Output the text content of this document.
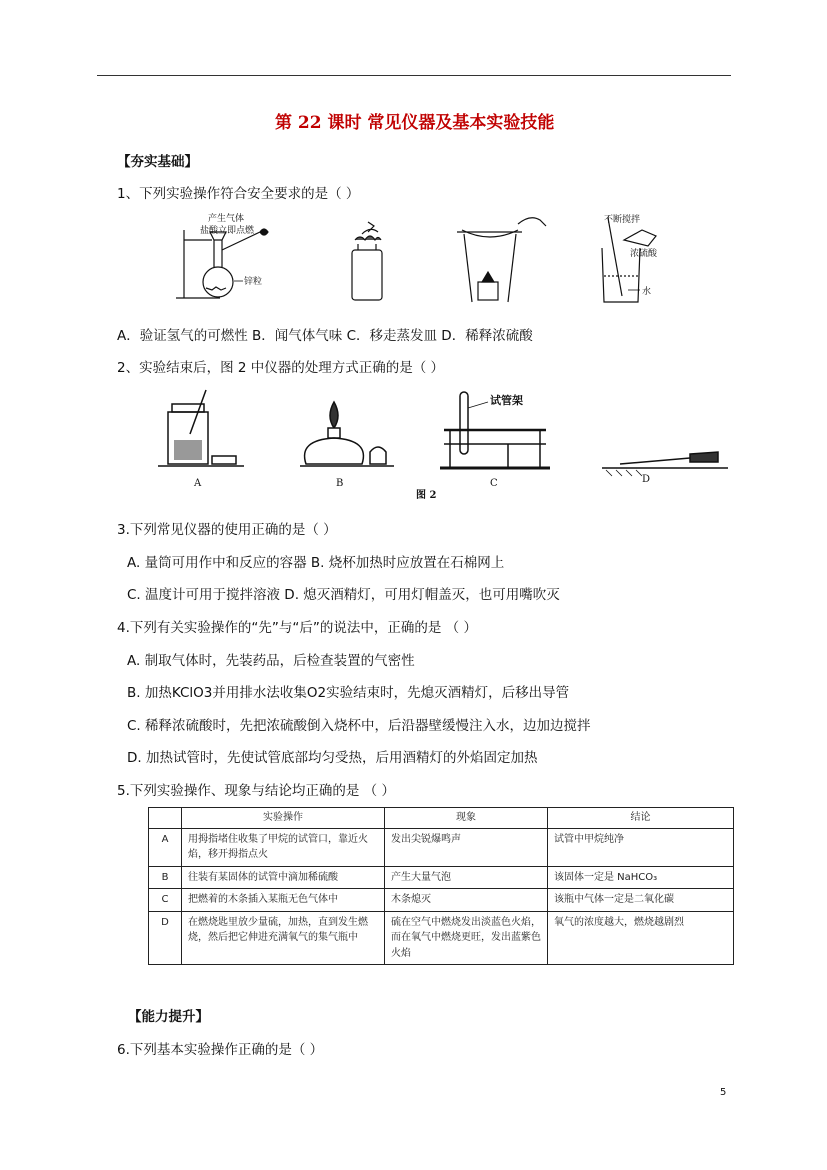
第 22 课时 常见仪器及基本实验技能
【夯实基础】
1、下列实验操作符合安全要求的是（ ）
产生气体
盐酸立即点燃
锌粒
不断搅拌
浓硫酸
水
A．验证氢气的可燃性 B．闻气体气味 C．移走蒸发皿 D．稀释浓硫酸
2、实验结束后，图 2 中仪器的处理方式正确的是（ ）
A	B
试管架
C	D
图 2
3.下列常见仪器的使用正确的是（ ）
A. 量筒可用作中和反应的容器 B. 烧杯加热时应放置在石棉网上
C. 温度计可用于搅拌溶液 D. 熄灭酒精灯，可用灯帽盖灭，也可用嘴吹灭
4.下列有关实验操作的“先”与“后”的说法中，正确的是 （ ）
A. 制取气体时，先装药品，后检查装置的气密性
B. 加热KClO3并用排水法收集O2实验结束时，先熄灭酒精灯，后移出导管
C. 稀释浓硫酸时，先把浓硫酸倒入烧杯中，后沿器壁缓慢注入水，边加边搅拌
D. 加热试管时，先使试管底部均匀受热，后用酒精灯的外焰固定加热
5.下列实验操作、现象与结论均正确的是 （ ）
	实验操作	现象	结论
A	用拇指堵住收集了甲烷的试管口，靠近火焰，移开拇指点火	发出尖锐爆鸣声	试管中甲烷纯净
B	往装有某固体的试管中滴加稀硫酸	产生大量气泡	该固体一定是 NaHCO₃
C	把燃着的木条插入某瓶无色气体中	木条熄灭	该瓶中气体一定是二氧化碳
D	在燃烧匙里放少量硫，加热，直到发生燃烧，然后把它伸进充满氧气的集气瓶中	硫在空气中燃烧发出淡蓝色火焰，而在氧气中燃烧更旺，发出蓝紫色火焰	氧气的浓度越大，燃烧越剧烈
【能力提升】
6.下列基本实验操作正确的是（ ）
5
